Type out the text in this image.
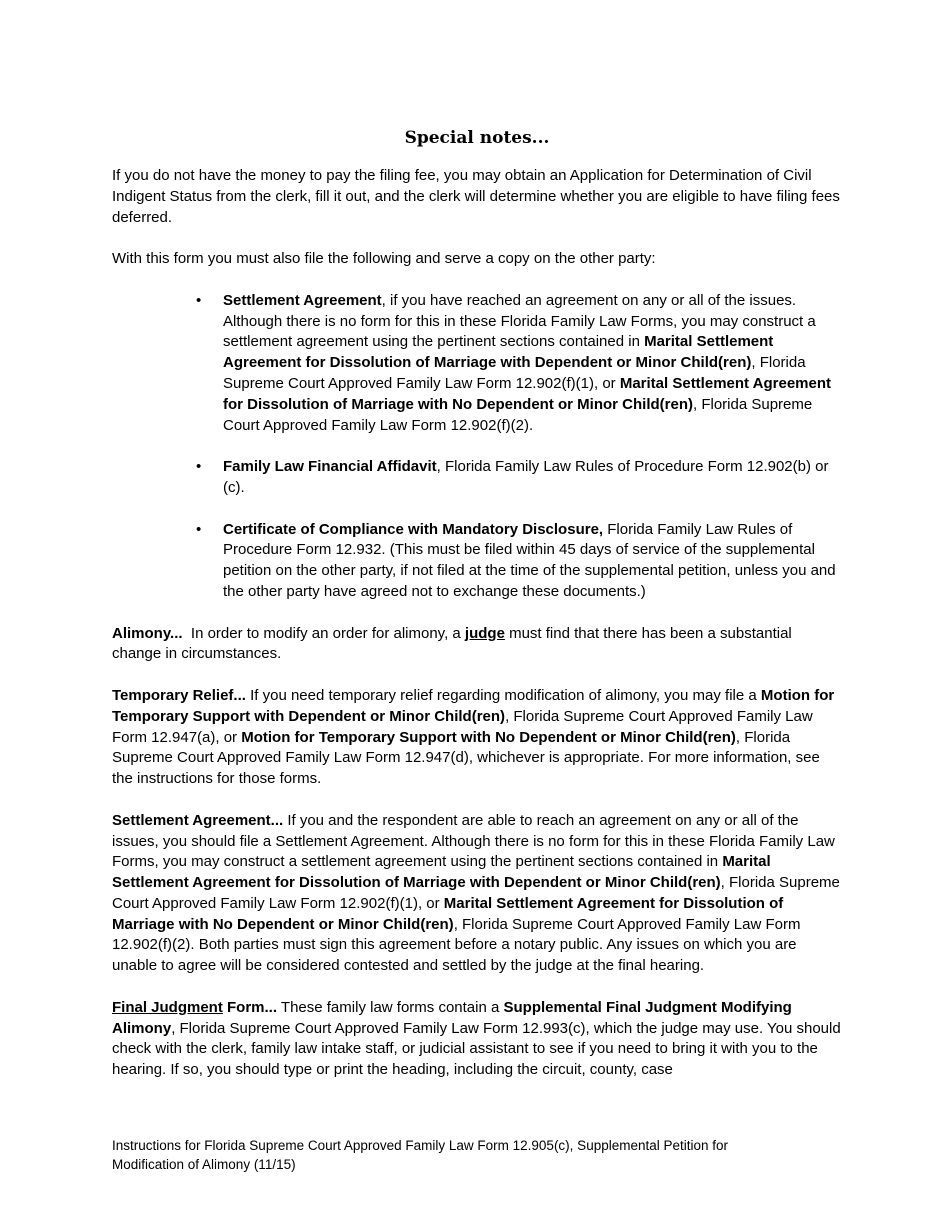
Special notes...

If you do not have the money to pay the filing fee, you may obtain an Application for Determination of Civil Indigent Status from the clerk, fill it out, and the clerk will determine whether you are eligible to have filing fees deferred.

With this form you must also file the following and serve a copy on the other party:

• Settlement Agreement, if you have reached an agreement on any or all of the issues. Although there is no form for this in these Florida Family Law Forms, you may construct a settlement agreement using the pertinent sections contained in Marital Settlement Agreement for Dissolution of Marriage with Dependent or Minor Child(ren), Florida Supreme Court Approved Family Law Form 12.902(f)(1), or Marital Settlement Agreement for Dissolution of Marriage with No Dependent or Minor Child(ren), Florida Supreme Court Approved Family Law Form 12.902(f)(2).
• Family Law Financial Affidavit, Florida Family Law Rules of Procedure Form 12.902(b) or (c).
• Certificate of Compliance with Mandatory Disclosure, Florida Family Law Rules of Procedure Form 12.932. (This must be filed within 45 days of service of the supplemental petition on the other party, if not filed at the time of the supplemental petition, unless you and the other party have agreed not to exchange these documents.)

Alimony...  In order to modify an order for alimony, a judge must find that there has been a substantial change in circumstances.

Temporary Relief... If you need temporary relief regarding modification of alimony, you may file a Motion for Temporary Support with Dependent or Minor Child(ren), Florida Supreme Court Approved Family Law Form 12.947(a), or Motion for Temporary Support with No Dependent or Minor Child(ren), Florida Supreme Court Approved Family Law Form 12.947(d), whichever is appropriate. For more information, see the instructions for those forms.

Settlement Agreement... If you and the respondent are able to reach an agreement on any or all of the issues, you should file a Settlement Agreement. Although there is no form for this in these Florida Family Law Forms, you may construct a settlement agreement using the pertinent sections contained in Marital Settlement Agreement for Dissolution of Marriage with Dependent or Minor Child(ren), Florida Supreme Court Approved Family Law Form 12.902(f)(1), or Marital Settlement Agreement for Dissolution of Marriage with No Dependent or Minor Child(ren), Florida Supreme Court Approved Family Law Form 12.902(f)(2). Both parties must sign this agreement before a notary public. Any issues on which you are unable to agree will be considered contested and settled by the judge at the final hearing.

Final Judgment Form... These family law forms contain a Supplemental Final Judgment Modifying Alimony, Florida Supreme Court Approved Family Law Form 12.993(c), which the judge may use. You should check with the clerk, family law intake staff, or judicial assistant to see if you need to bring it with you to the hearing. If so, you should type or print the heading, including the circuit, county, case

Instructions for Florida Supreme Court Approved Family Law Form 12.905(c), Supplemental Petition for
Modification of Alimony (11/15)
